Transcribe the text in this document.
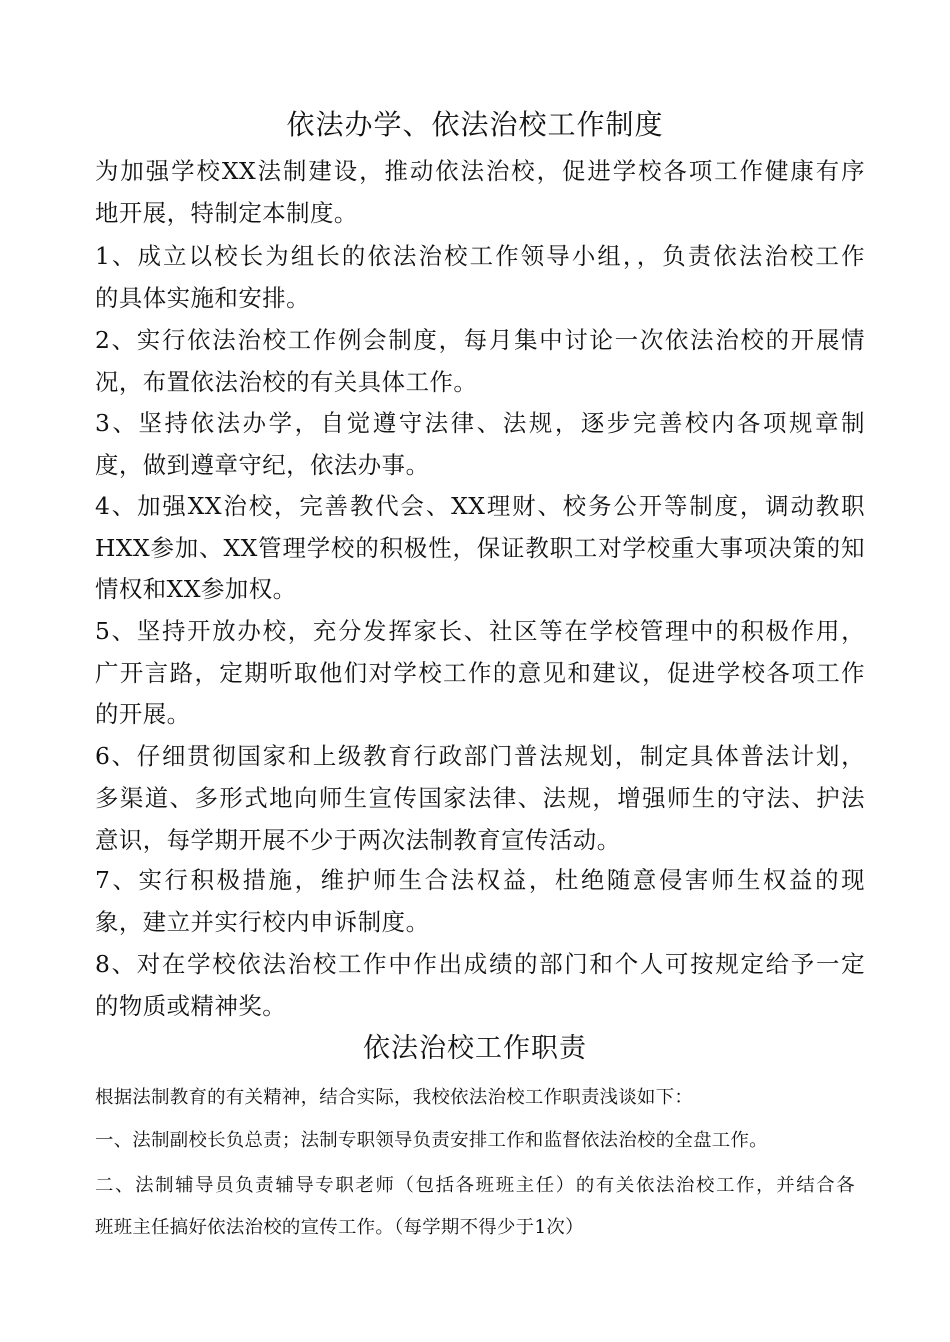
依法办学、依法治校工作制度
为加强学校XX法制建设，推动依法治校，促进学校各项工作健康有序
地开展，特制定本制度。
1、成立以校长为组长的依法治校工作领导小组，，负责依法治校工作
的具体实施和安排。
2、实行依法治校工作例会制度，每月集中讨论一次依法治校的开展情
况，布置依法治校的有关具体工作。
3、坚持依法办学，自觉遵守法律、法规，逐步完善校内各项规章制
度，做到遵章守纪，依法办事。
4、加强XX治校，完善教代会、XX理财、校务公开等制度，调动教职
HXX参加、XX管理学校的积极性，保证教职工对学校重大事项决策的知
情权和XX参加权。
5、坚持开放办校，充分发挥家长、社区等在学校管理中的积极作用，
广开言路，定期听取他们对学校工作的意见和建议，促进学校各项工作
的开展。
6、仔细贯彻国家和上级教育行政部门普法规划，制定具体普法计划，
多渠道、多形式地向师生宣传国家法律、法规，增强师生的守法、护法
意识，每学期开展不少于两次法制教育宣传活动。
7、实行积极措施，维护师生合法权益，杜绝随意侵害师生权益的现
象，建立并实行校内申诉制度。
8、对在学校依法治校工作中作出成绩的部门和个人可按规定给予一定
的物质或精神奖。
依法治校工作职责
根据法制教育的有关精神，结合实际，我校依法治校工作职责浅谈如下：
一、法制副校长负总责；法制专职领导负责安排工作和监督依法治校的全盘工作。
二、法制辅导员负责辅导专职老师（包括各班班主任）的有关依法治校工作，并结合各
班班主任搞好依法治校的宣传工作。（每学期不得少于1次）
